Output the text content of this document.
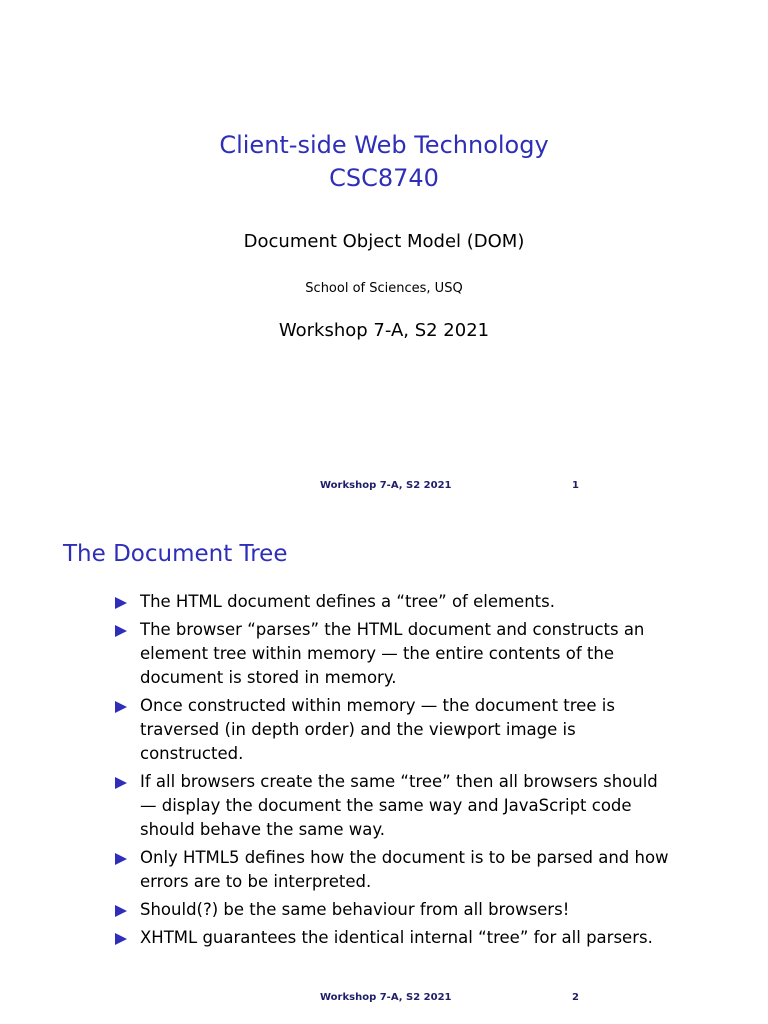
Client-side Web Technology
CSC8740
Document Object Model (DOM)
School of Sciences, USQ
Workshop 7-A, S2 2021
Workshop 7-A, S2 2021	1
The Document Tree
The HTML document defines a “tree” of elements.
The browser “parses” the HTML document and constructs an element tree within memory — the entire contents of the document is stored in memory.
Once constructed within memory — the document tree is traversed (in depth order) and the viewport image is constructed.
If all browsers create the same “tree” then all browsers should — display the document the same way and JavaScript code should behave the same way.
Only HTML5 defines how the document is to be parsed and how errors are to be interpreted.
Should(?) be the same behaviour from all browsers!
XHTML guarantees the identical internal “tree” for all parsers.
Workshop 7-A, S2 2021	2
